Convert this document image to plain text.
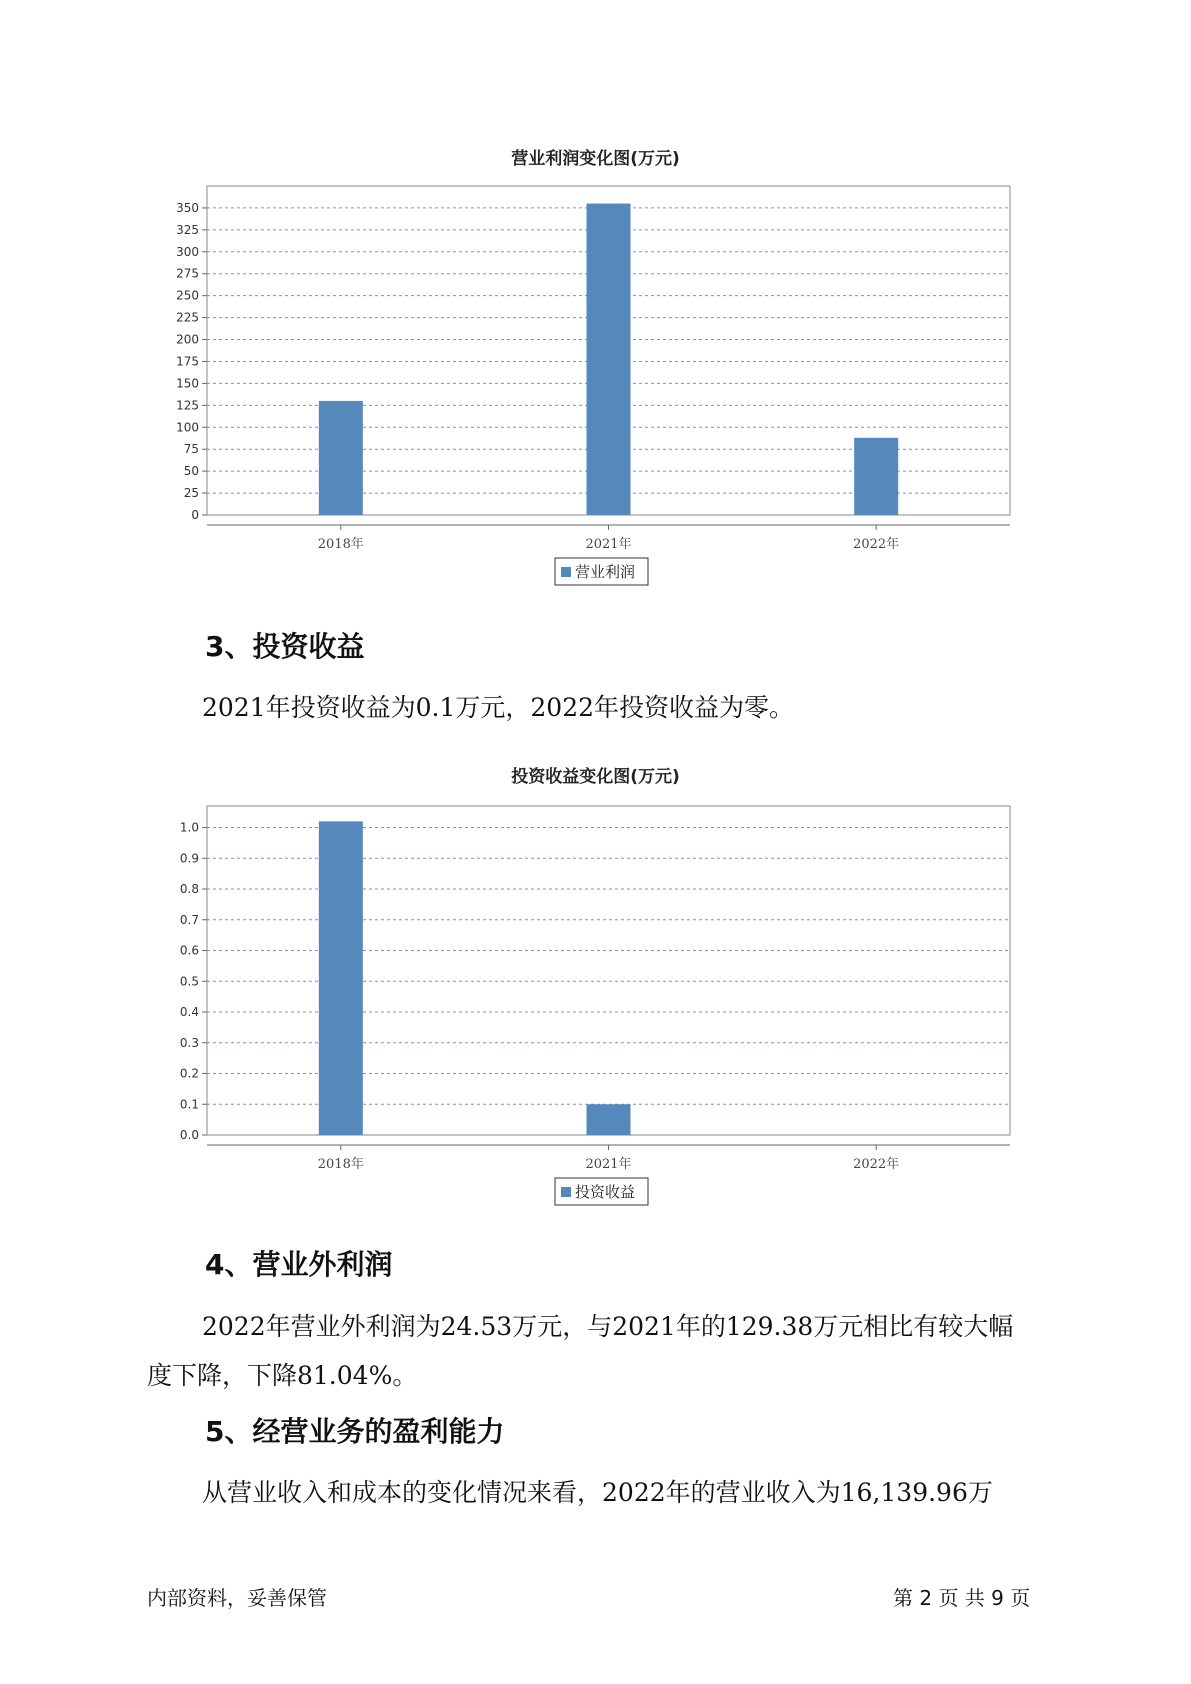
营业利润变化图(万元)
0
25
50
75
100
125
150
175
200
225
250
275
300
325
350
2018年	2021年	2022年
营业利润
3、投资收益
2021年投资收益为0.1万元，2022年投资收益为零。
投资收益变化图(万元)
0.0
0.1
0.2
0.3
0.4
0.5
0.6
0.7
0.8
0.9
1.0
2018年	2021年	2022年
投资收益
4、营业外利润
2022年营业外利润为24.53万元，与2021年的129.38万元相比有较大幅
度下降，下降81.04%。
5、经营业务的盈利能力
从营业收入和成本的变化情况来看，2022年的营业收入为16,139.96万
内部资料，妥善保管	第 2 页 共 9 页
